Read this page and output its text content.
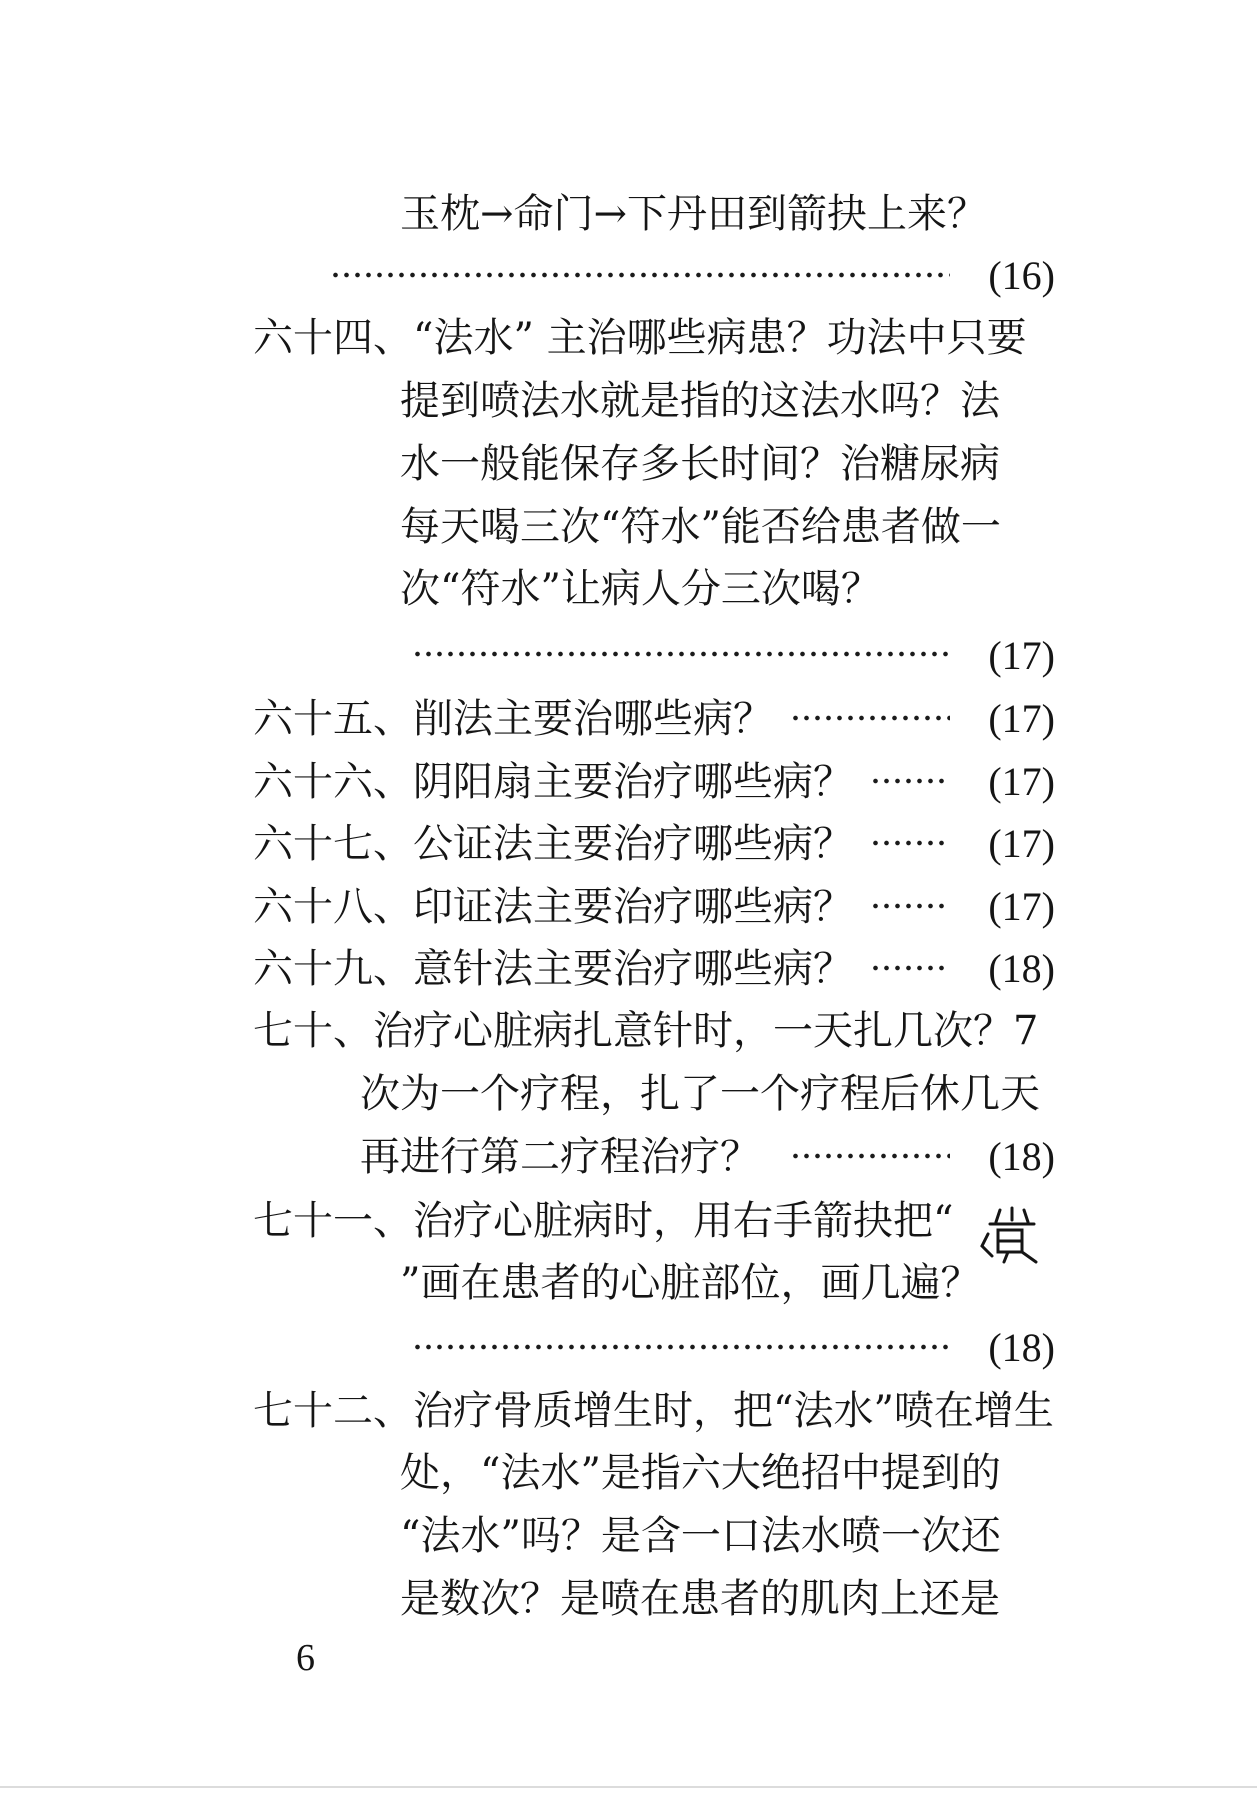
玉枕→命门→下丹田到箭抉上来？
(16)
六十四、“法水” 主治哪些病患？功法中只要
提到喷法水就是指的这法水吗？法
水一般能保存多长时间？治糖尿病
每天喝三次“符水”能否给患者做一
次“符水”让病人分三次喝？
(17)
六十五、削法主要治哪些病？	(17)
六十六、阴阳扇主要治疗哪些病？	(17)
六十七、公证法主要治疗哪些病？	(17)
六十八、印证法主要治疗哪些病？	(17)
六十九、意针法主要治疗哪些病？	(18)
七十、治疗心脏病扎意针时，一天扎几次？7
次为一个疗程，扎了一个疗程后休几天
再进行第二疗程治疗？	(18)
七十一、治疗心脏病时，用右手箭抉把“
”画在患者的心脏部位，画几遍？
(18)
七十二、治疗骨质增生时，把“法水”喷在增生
处，“法水”是指六大绝招中提到的
“法水”吗？是含一口法水喷一次还
是数次？是喷在患者的肌肉上还是
6
